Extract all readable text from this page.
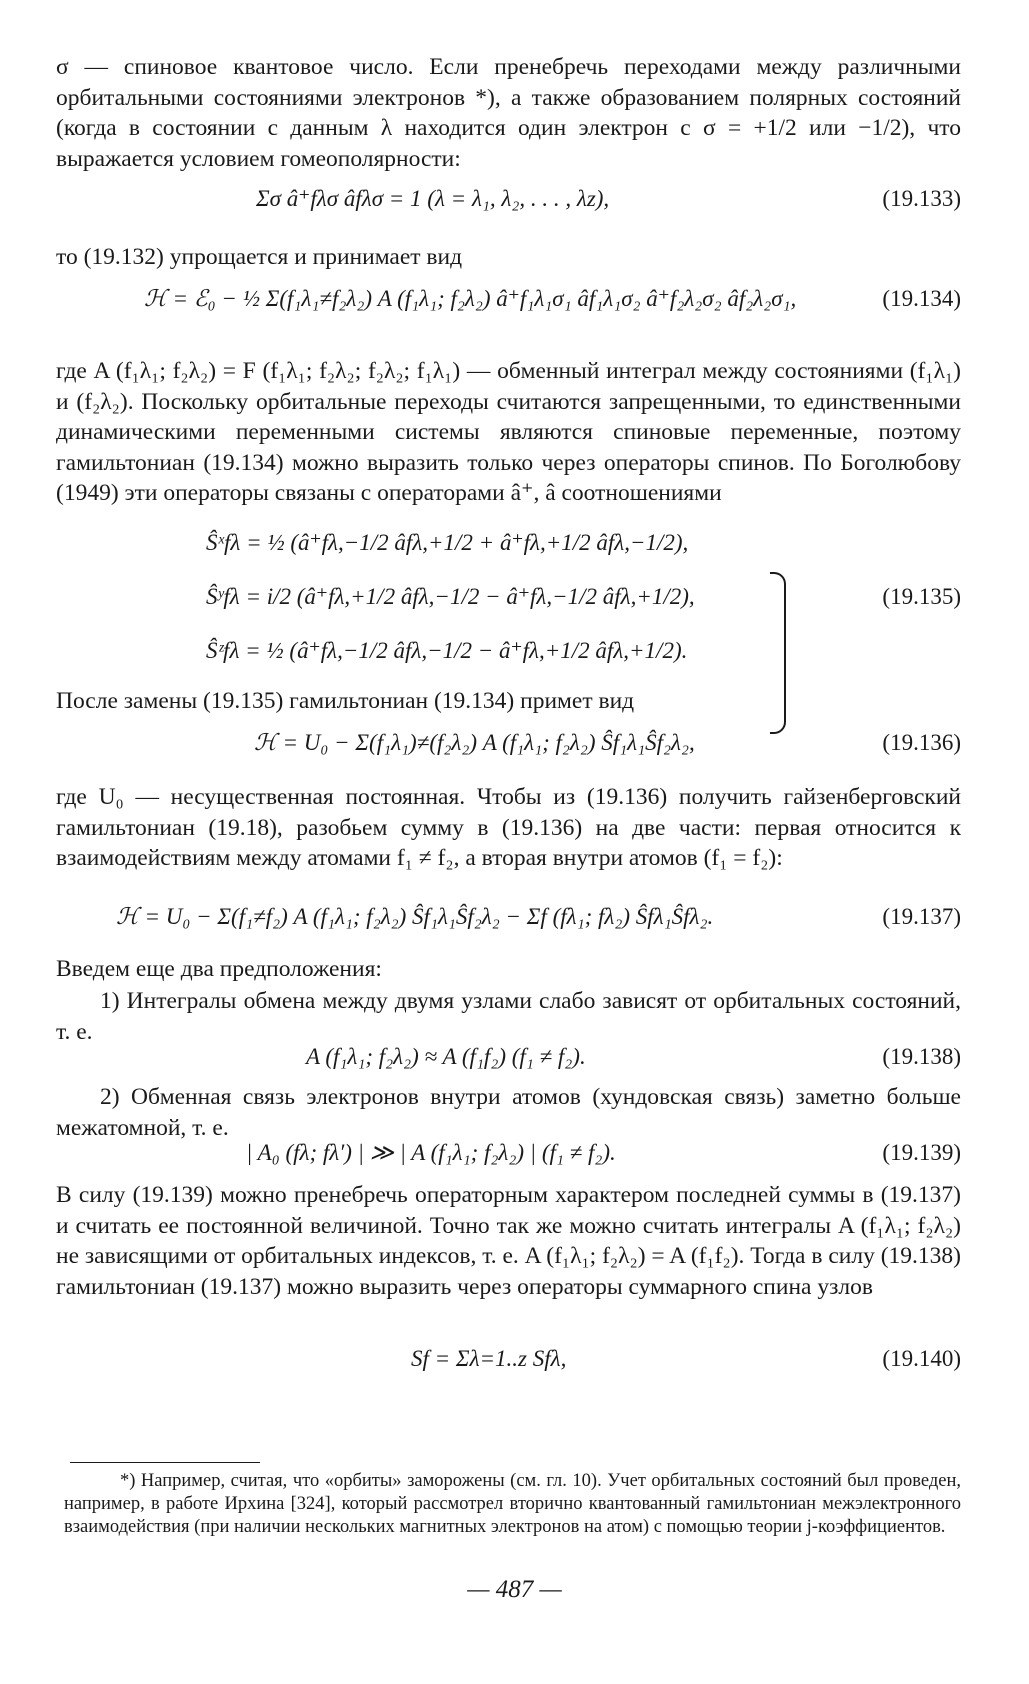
σ — спиновое квантовое число. Если пренебречь переходами между различными орбитальными состояниями электронов *), а также образованием полярных состояний (когда в состоянии с данным λ находится один электрон с σ = +1/2 или −1/2), что выражается условием гомеополярности:
Σσ â⁺fλσ âfλσ = 1 (λ = λ₁, λ₂, . . . , λz),	(19.133)
то (19.132) упрощается и принимает вид
ℋ = ℰ₀ − ½ Σ(f₁λ₁≠f₂λ₂) A (f₁λ₁; f₂λ₂) â⁺f₁λ₁σ₁ âf₁λ₁σ₂ â⁺f₂λ₂σ₂ âf₂λ₂σ₁,	(19.134)
где A (f₁λ₁; f₂λ₂) = F (f₁λ₁; f₂λ₂; f₂λ₂; f₁λ₁) — обменный интеграл между состояниями (f₁λ₁) и (f₂λ₂). Поскольку орбитальные переходы считаются запрещенными, то единственными динамическими переменными системы являются спиновые переменные, поэтому гамильтониан (19.134) можно выразить только через операторы спинов. По Боголюбову (1949) эти операторы связаны с операторами â⁺, â соотношениями
Ŝˣfλ = ½ (â⁺fλ,−1/2 âfλ,+1/2 + â⁺fλ,+1/2 âfλ,−1/2),
Ŝʸfλ = i/2 (â⁺fλ,+1/2 âfλ,−1/2 − â⁺fλ,−1/2 âfλ,+1/2),	(19.135)
Ŝᶻfλ = ½ (â⁺fλ,−1/2 âfλ,−1/2 − â⁺fλ,+1/2 âfλ,+1/2).
После замены (19.135) гамильтониан (19.134) примет вид
ℋ = U₀ − Σ(f₁λ₁)≠(f₂λ₂) A (f₁λ₁; f₂λ₂) Ŝf₁λ₁Ŝf₂λ₂,	(19.136)
где U₀ — несущественная постоянная. Чтобы из (19.136) получить гайзенберговский гамильтониан (19.18), разобьем сумму в (19.136) на две части: первая относится к взаимодействиям между атомами f₁ ≠ f₂, а вторая внутри атомов (f₁ = f₂):
ℋ = U₀ − Σ(f₁≠f₂) A (f₁λ₁; f₂λ₂) Ŝf₁λ₁Ŝf₂λ₂ − Σf (fλ₁; fλ₂) Ŝfλ₁Ŝfλ₂.	(19.137)
Введем еще два предположения:
1) Интегралы обмена между двумя узлами слабо зависят от орбитальных состояний, т. е.
A (f₁λ₁; f₂λ₂) ≈ A (f₁f₂) (f₁ ≠ f₂).	(19.138)
2) Обменная связь электронов внутри атомов (хундовская связь) заметно больше межатомной, т. е.
| A₀ (fλ; fλ′) | ≫ | A (f₁λ₁; f₂λ₂) | (f₁ ≠ f₂).	(19.139)
В силу (19.139) можно пренебречь операторным характером последней суммы в (19.137) и считать ее постоянной величиной. Точно так же можно считать интегралы A (f₁λ₁; f₂λ₂) не зависящими от орбитальных индексов, т. е. A (f₁λ₁; f₂λ₂) = A (f₁f₂). Тогда в силу (19.138) гамильтониан (19.137) можно выразить через операторы суммарного спина узлов
Sf = Σλ=1..z Sfλ,	(19.140)
*) Например, считая, что «орбиты» заморожены (см. гл. 10). Учет орбитальных состояний был проведен, например, в работе Ирхина [324], который рассмотрел вторично квантованный гамильтониан межэлектронного взаимодействия (при наличии нескольких магнитных электронов на атом) с помощью теории j-коэффициентов.
— 487 —
